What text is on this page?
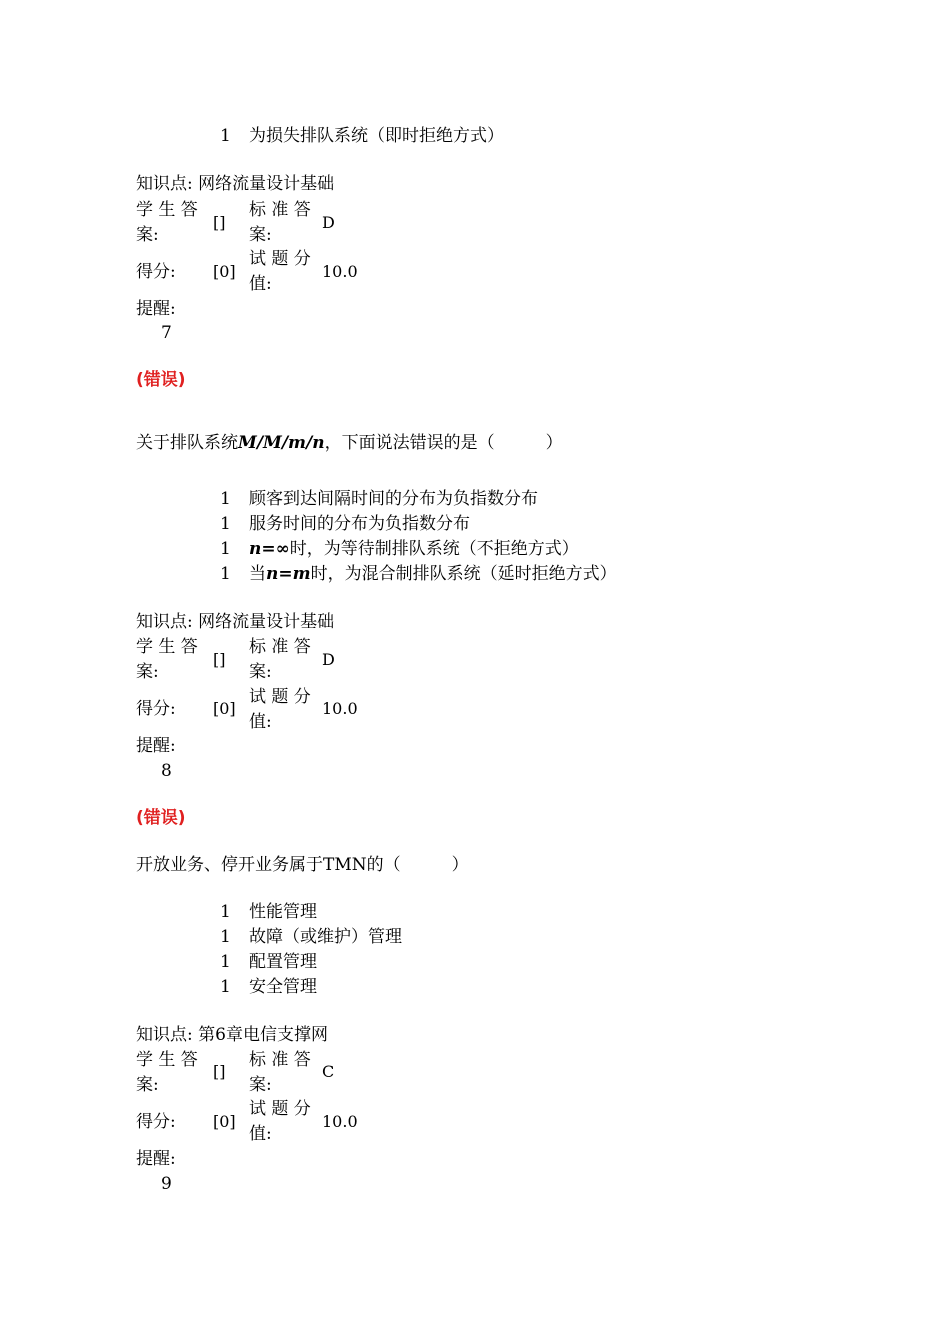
1 为损失排队系统（即时拒绝方式）
知识点: 网络流量设计基础
学 生 答
案:
[]
标 准 答
案:
D
得分: [0]
试 题 分
值:
10.0
提醒:
7
(错误)
关于排队系统M/M/m/n，下面说法错误的是（　　　）
1 顾客到达间隔时间的分布为负指数分布
1 服务时间的分布为负指数分布
1 n=∞时，为等待制排队系统（不拒绝方式）
1 当n=m时，为混合制排队系统（延时拒绝方式）
知识点: 网络流量设计基础
学 生 答
案:
[]
标 准 答
案:
D
得分: [0]
试 题 分
值:
10.0
提醒:
8
(错误)
开放业务、停开业务属于TMN的（　　　）
1 性能管理
1 故障（或维护）管理
1 配置管理
1 安全管理
知识点: 第6章电信支撑网
学 生 答
案:
[]
标 准 答
案:
C
得分: [0]
试 题 分
值:
10.0
提醒:
9
